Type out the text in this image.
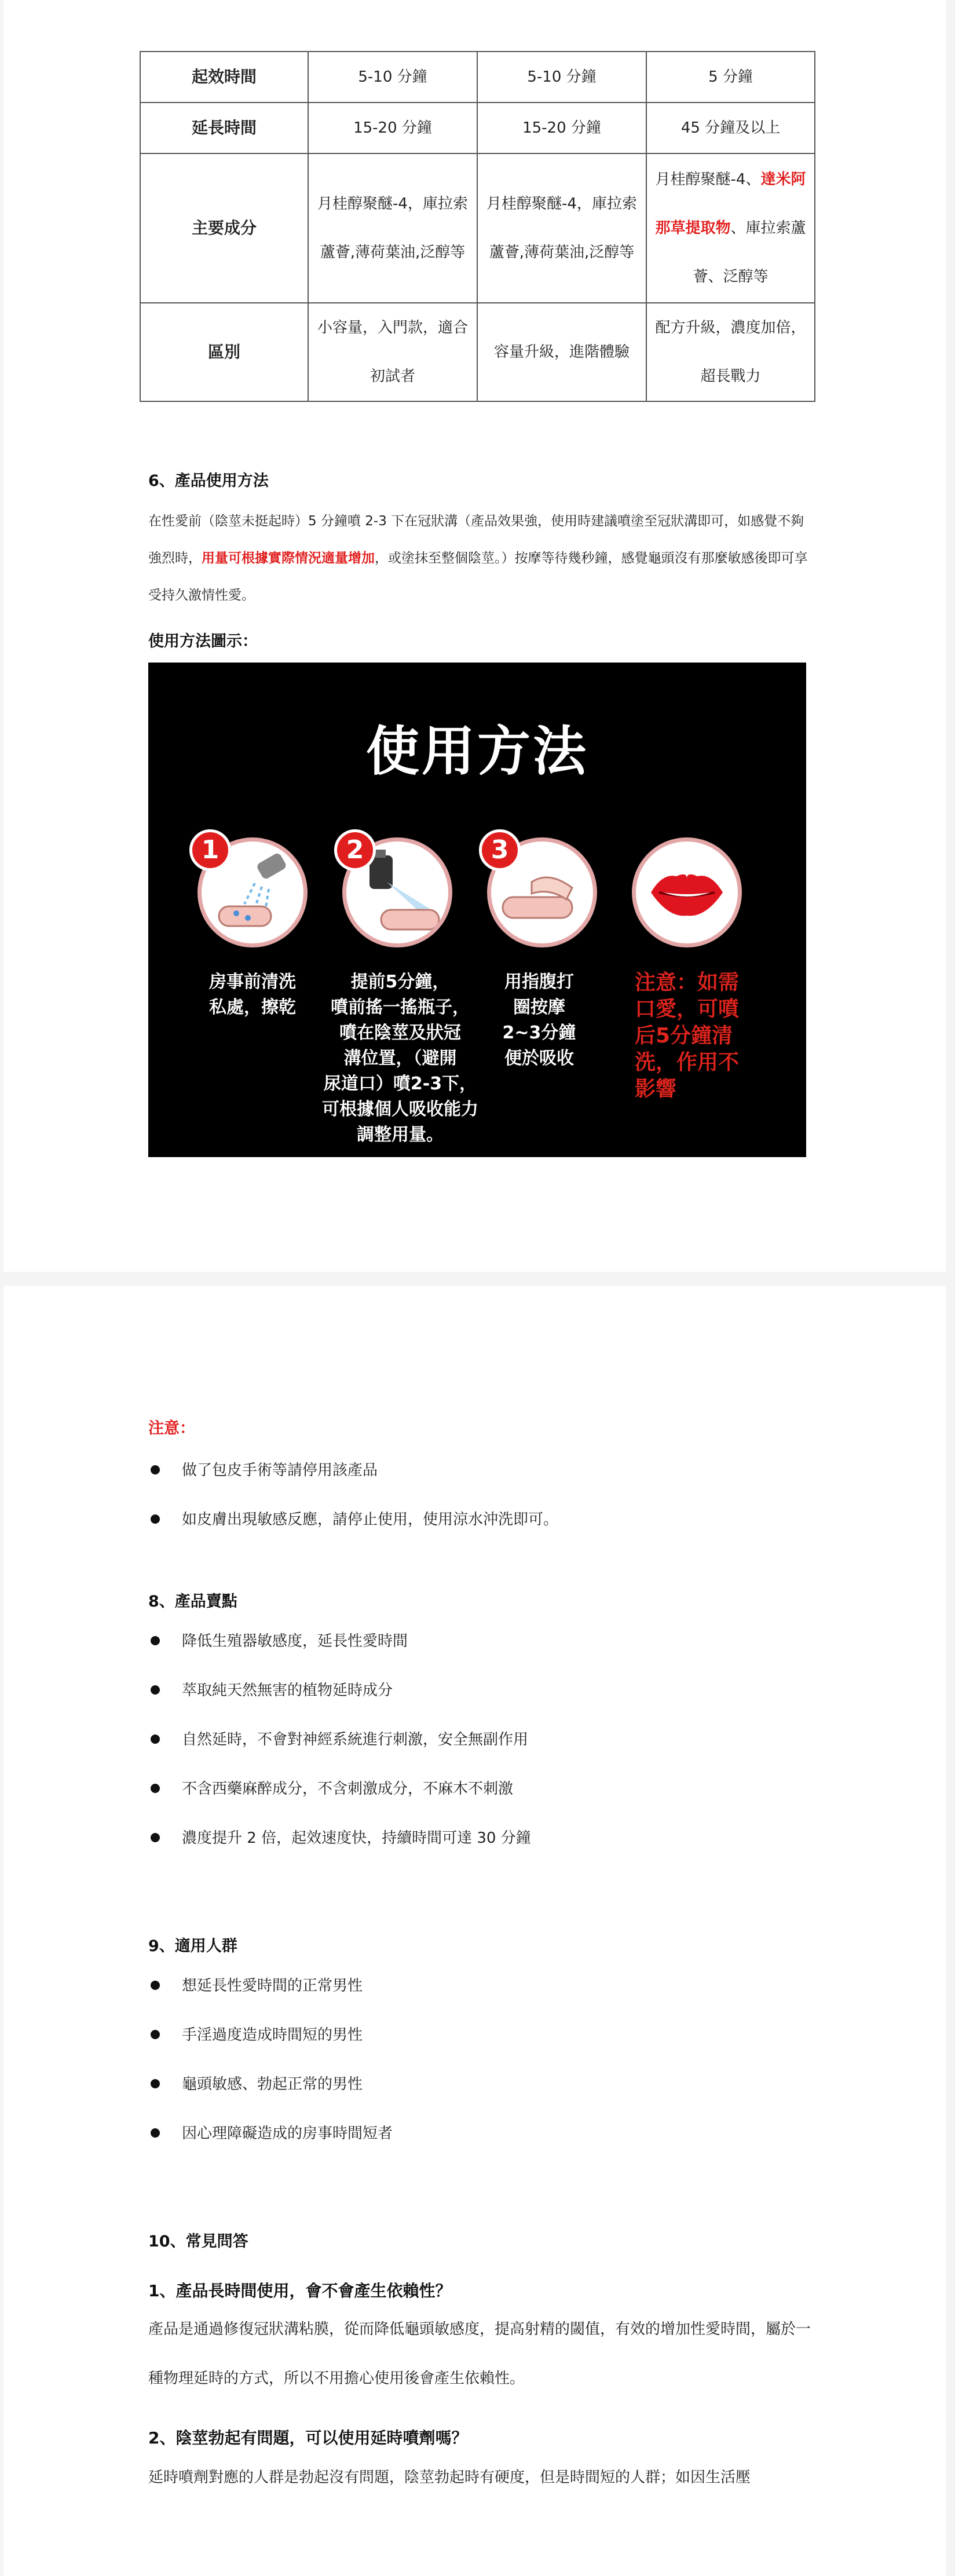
起效時間	5-10 分鐘	5-10 分鐘	5 分鐘
延長時間	15-20 分鐘	15-20 分鐘	45 分鐘及以上
主要成分	月桂醇聚醚-4，庫拉索蘆薈,薄荷葉油,泛醇等	月桂醇聚醚-4，庫拉索蘆薈,薄荷葉油,泛醇等	月桂醇聚醚-4、達米阿那草提取物、庫拉索蘆薈、泛醇等
區別	小容量，入門款，適合初試者	容量升級，進階體驗	配方升級，濃度加倍，超長戰力
6、產品使用方法
在性愛前（陰莖未挺起時）5 分鐘噴 2-3 下在冠狀溝（產品效果強，使用時建議噴塗至冠狀溝即可，如感覺不夠強烈時，用量可根據實際情況適量增加，或塗抹至整個陰莖。）按摩等待幾秒鐘，感覺龜頭沒有那麼敏感後即可享受持久激情性愛。
使用方法圖示：
使用方法
1	2	3
房事前清洗
私處，擦乾
提前5分鐘，
噴前搖一搖瓶子，
噴在陰莖及狀冠
溝位置，（避開
尿道口）噴2-3下，
可根據個人吸收能力
調整用量。
用指腹打
圈按摩
2~3分鐘
便於吸收
注意：如需
口愛，可噴
后5分鐘清
洗，作用不
影響
注意：
做了包皮手術等請停用該產品
如皮膚出現敏感反應，請停止使用，使用涼水沖洗即可。
8、產品賣點
降低生殖器敏感度，延長性愛時間
萃取純天然無害的植物延時成分
自然延時，不會對神經系統進行刺激，安全無副作用
不含西藥麻醉成分，不含刺激成分，不麻木不刺激
濃度提升 2 倍，起效速度快，持續時間可達 30 分鐘
9、適用人群
想延長性愛時間的正常男性
手淫過度造成時間短的男性
龜頭敏感、勃起正常的男性
因心理障礙造成的房事時間短者
10、常見問答
1、產品長時間使用，會不會產生依賴性？
產品是通過修復冠狀溝粘膜，從而降低龜頭敏感度，提高射精的閾值，有效的增加性愛時間，屬於一種物理延時的方式，所以不用擔心使用後會產生依賴性。
2、陰莖勃起有問題，可以使用延時噴劑嗎？
延時噴劑對應的人群是勃起沒有問題，陰莖勃起時有硬度，但是時間短的人群；如因生活壓
